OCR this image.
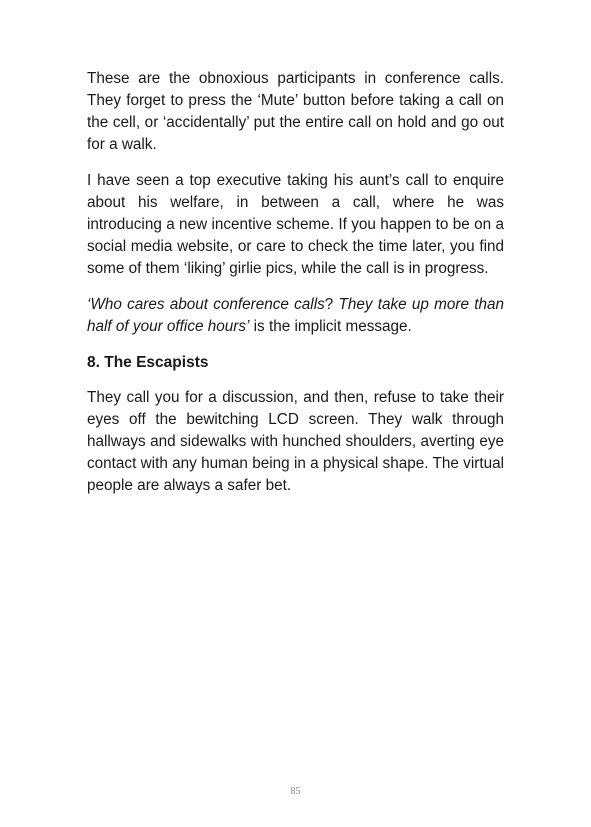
These are the obnoxious participants in conference calls. They forget to press the ‘Mute’ button before taking a call on the cell, or ‘accidentally’ put the entire call on hold and go out for a walk.

I have seen a top executive taking his aunt’s call to enquire about his welfare, in between a call, where he was introducing a new incentive scheme. If you happen to be on a social media website, or care to check the time later, you find some of them ‘liking’ girlie pics, while the call is in progress.

‘Who cares about conference calls? They take up more than half of your office hours’ is the implicit message.

8. The Escapists

They call you for a discussion, and then, refuse to take their eyes off the bewitching LCD screen. They walk through hallways and sidewalks with hunched shoulders, averting eye contact with any human being in a physical shape. The virtual people are always a safer bet.

85
